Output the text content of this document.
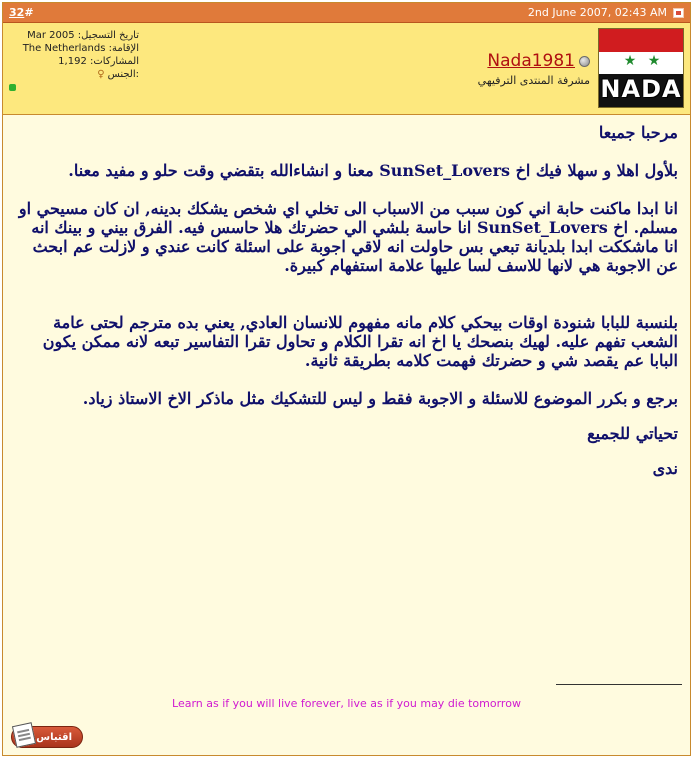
32#	2nd June 2007, 02:43 AM
تاريخ التسجيل: Mar 2005
الإقامة: The Netherlands
المشاركات: 1,192
♀ الجنس:
Nada1981
مشرفة المنتدى الترفيهي
★ ★
NADA

مرحبا جميعا

بلأول اهلا و سهلا فيك اخ SunSet_Lovers معنا و انشاءالله بتقضي وقت حلو و مفيد معنا.

انا ابدا ماكنت حابة اني كون سبب من الاسباب الى تخلي اي شخص يشكك بدينه, ان كان مسيحي او مسلم. اخ SunSet_Lovers انا حاسة بلشي الي حضرتك هلا حاسس فيه. الفرق بيني و بينك انه انا ماشككت ابدا بلديانة تبعي بس حاولت انه لاقي اجوبة على اسئلة كانت عندي و لازلت عم ابحث عن الاجوبة هي لانها للاسف لسا عليها علامة استفهام كبيرة.

بلنسبة للبابا شنودة اوقات بيحكي كلام مانه مفهوم للانسان العادي, يعني بده مترجم لحتى عامة الشعب تفهم عليه. لهيك بنصحك يا اخ انه تقرا الكلام و تحاول تقرا التفاسير تبعه لانه ممكن يكون البابا عم يقصد شي و حضرتك فهمت كلامه بطريقة ثانية.

برجع و بكرر الموضوع للاسئلة و الاجوبة فقط و ليس للتشكيك مثل ماذكر الاخ الاستاذ زياد.

تحياتي للجميع

ندى

Learn as if you will live forever, live as if you may die tomorrow
اقتباس
